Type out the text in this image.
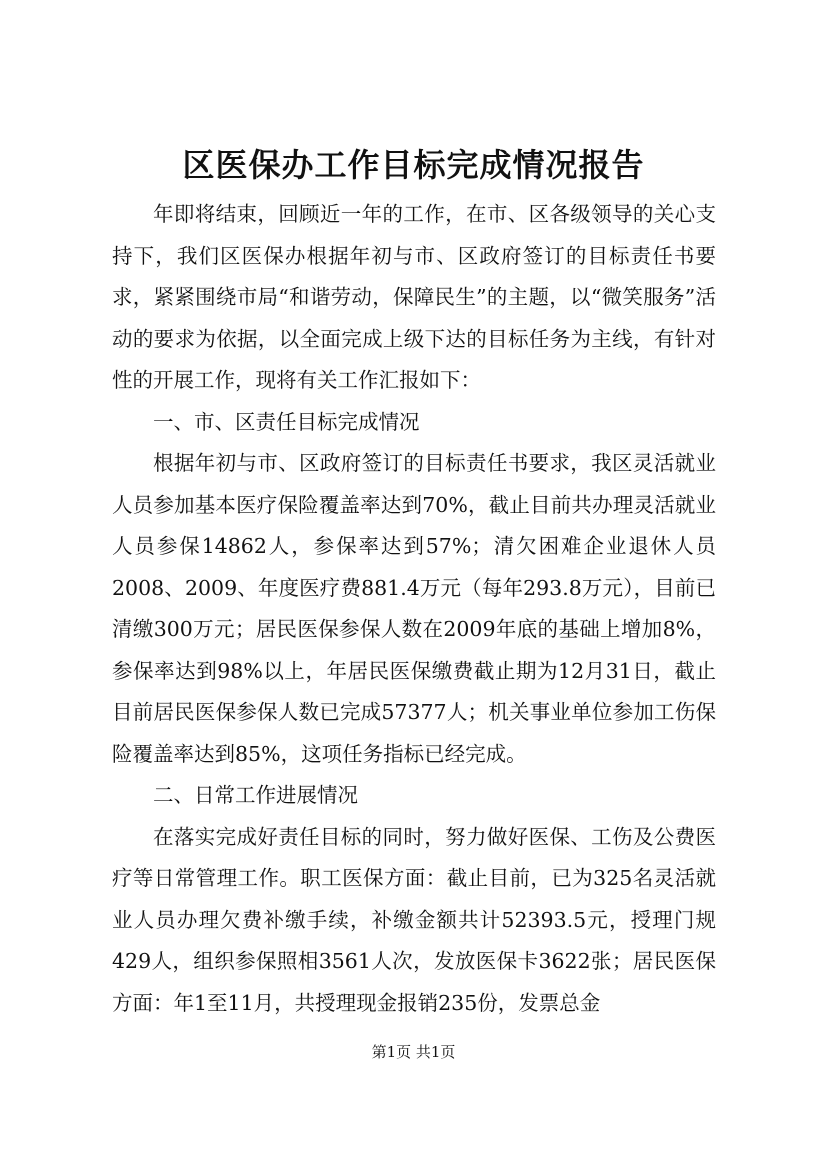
区医保办工作目标完成情况报告

年即将结束，回顾近一年的工作，在市、区各级领导的关心支持下，我们区医保办根据年初与市、区政府签订的目标责任书要求，紧紧围绕市局“和谐劳动，保障民生”的主题，以“微笑服务”活动的要求为依据，以全面完成上级下达的目标任务为主线，有针对性的开展工作，现将有关工作汇报如下：

一、市、区责任目标完成情况

根据年初与市、区政府签订的目标责任书要求，我区灵活就业人员参加基本医疗保险覆盖率达到70%，截止目前共办理灵活就业人员参保14862人，参保率达到57%；清欠困难企业退休人员2008、2009、年度医疗费881.4万元（每年293.8万元），目前已清缴300万元；居民医保参保人数在2009年底的基础上增加8%，参保率达到98%以上，年居民医保缴费截止期为12月31日，截止目前居民医保参保人数已完成57377人；机关事业单位参加工伤保险覆盖率达到85%，这项任务指标已经完成。

二、日常工作进展情况

在落实完成好责任目标的同时，努力做好医保、工伤及公费医疗等日常管理工作。职工医保方面：截止目前，已为325名灵活就业人员办理欠费补缴手续，补缴金额共计52393.5元，授理门规429人，组织参保照相3561人次，发放医保卡3622张；居民医保方面：年1至11月，共授理现金报销235份，发票总金

第1页 共1页
